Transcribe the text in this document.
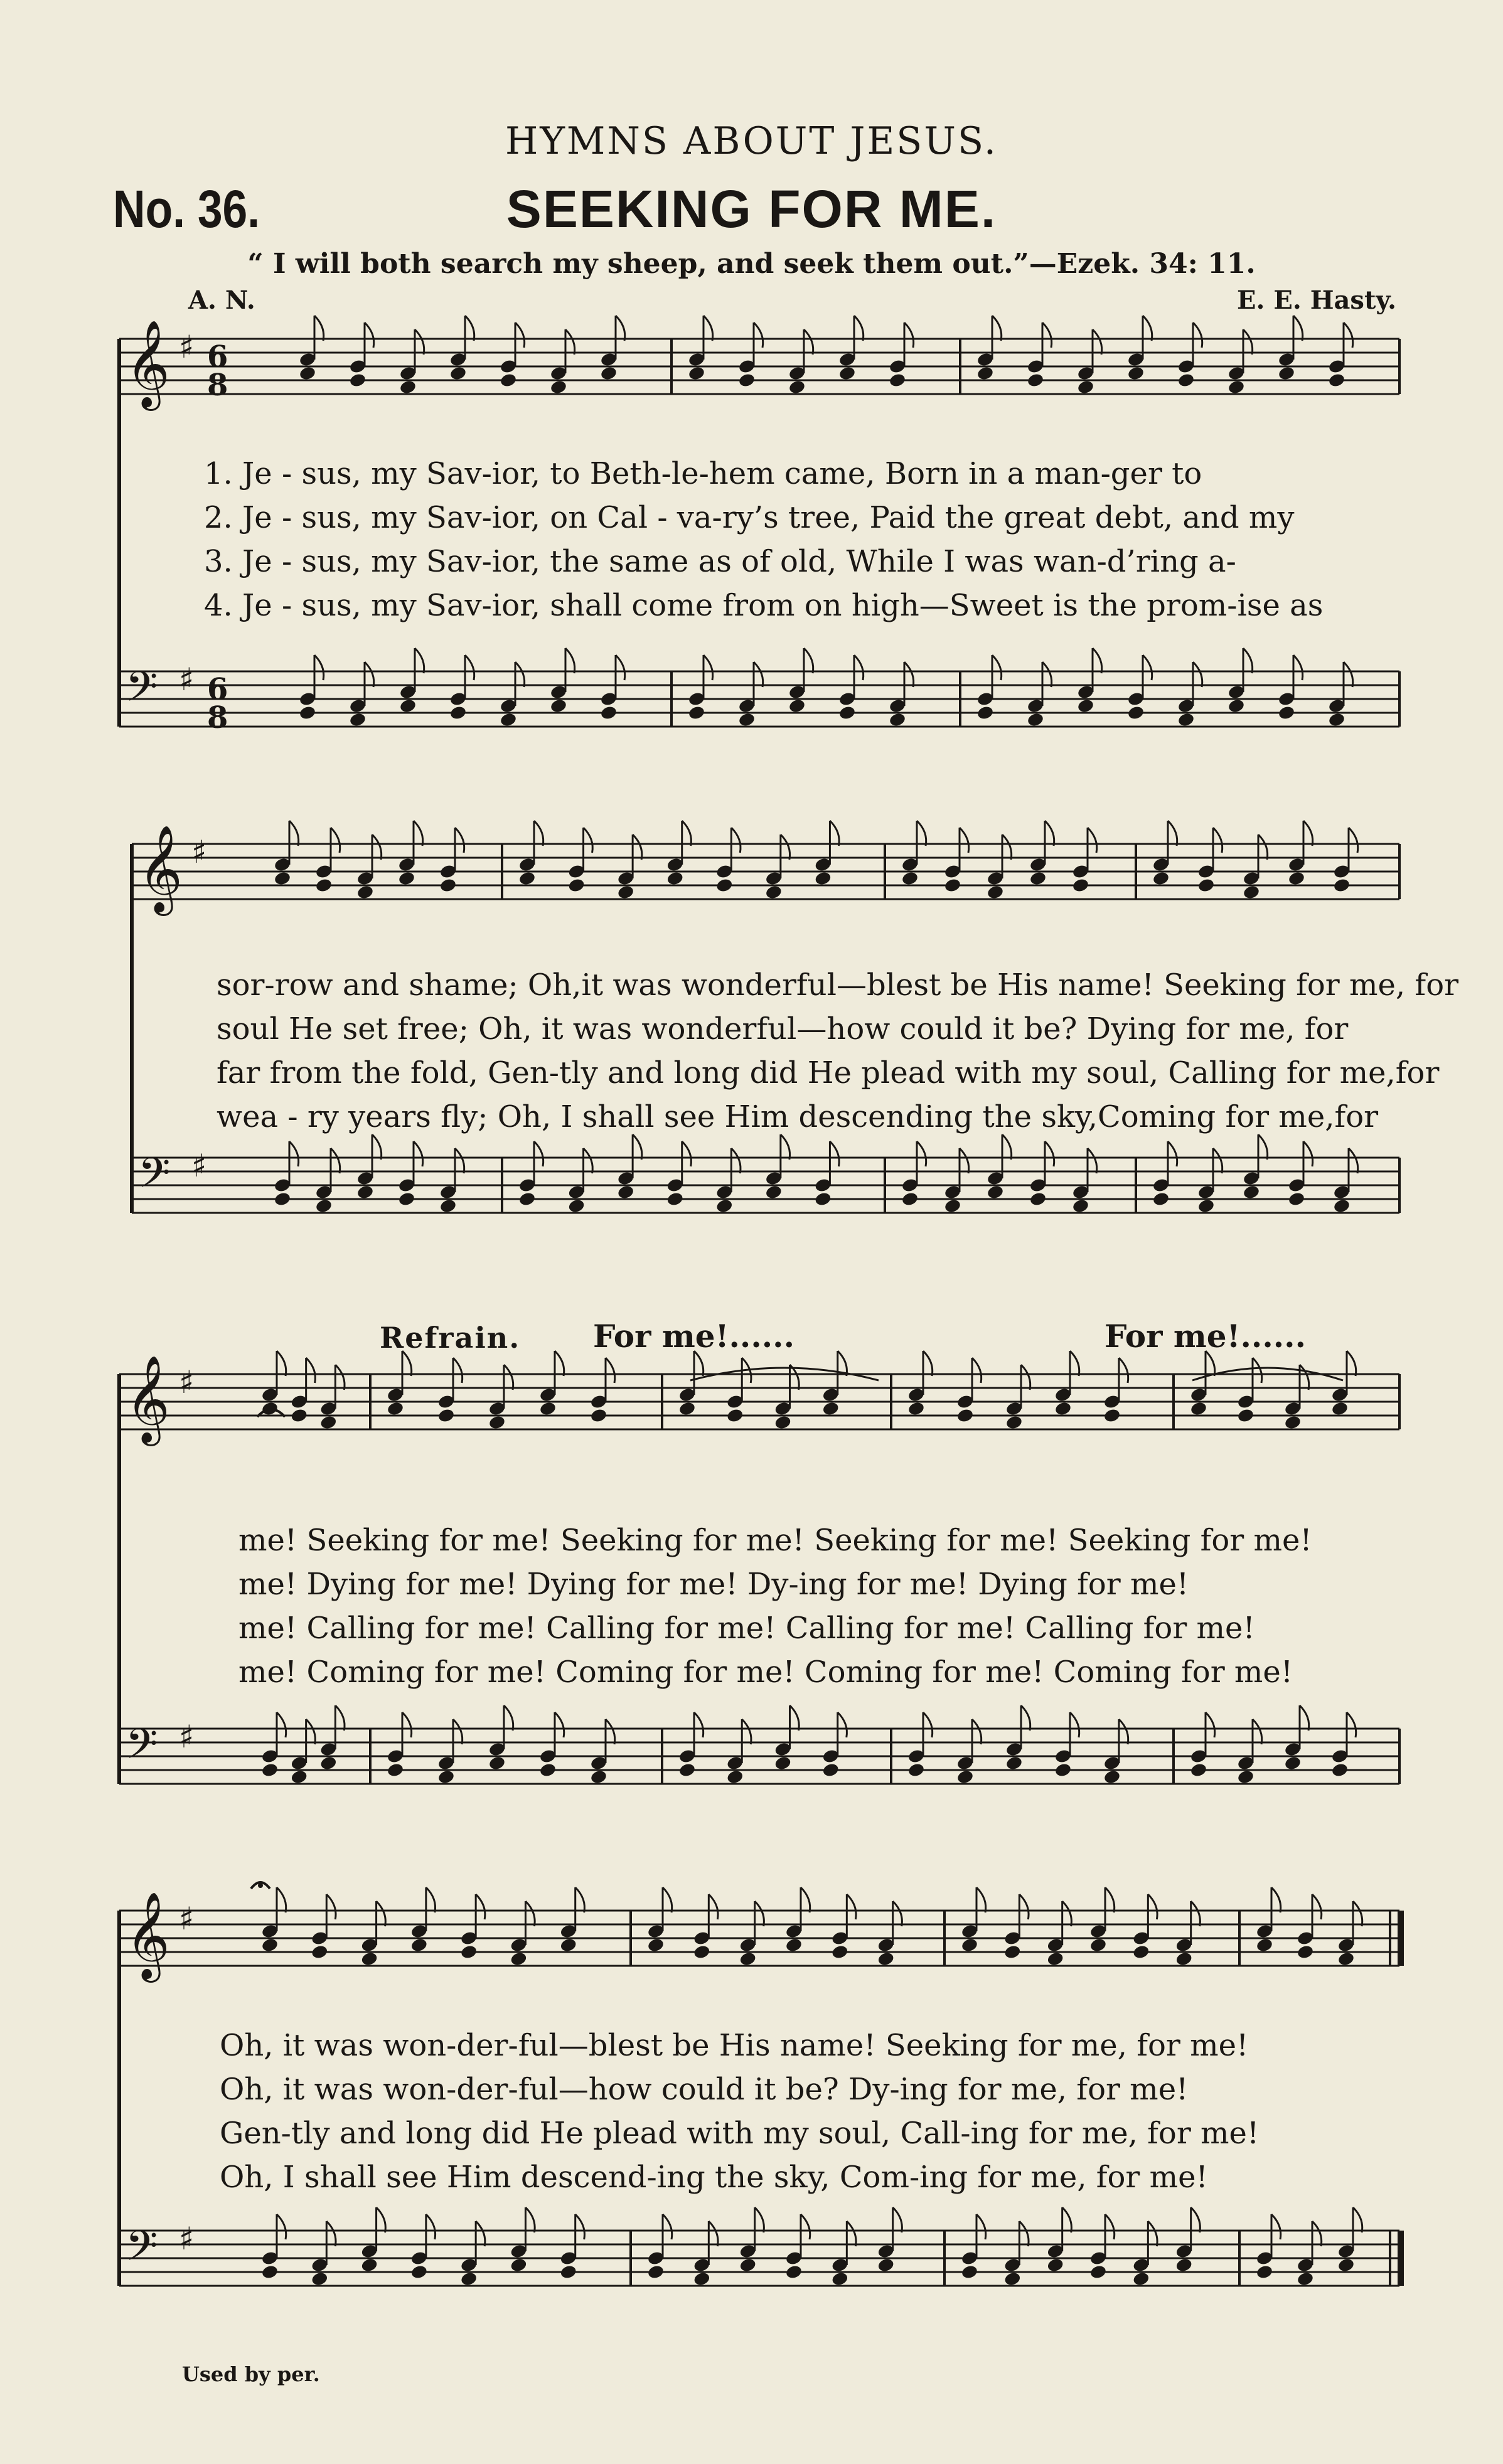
HYMNS ABOUT JESUS.
No. 36.	SEEKING FOR ME.
“ I will both search my sheep, and seek them out.”—Ezek. 34: 11.
A. N.	E. E. Hasty.
𝄞 ♯ 6
8
𝄢 ♯ 6
8
𝄞 ♯
𝄢 ♯
𝄞 ♯
𝄢 ♯
𝄞 ♯
𝄢 ♯
1. Je - sus, my Sav-ior, to Beth-le-hem came, Born in a man-ger to
2. Je - sus, my Sav-ior, on Cal - va-ry’s tree, Paid the great debt, and my
3. Je - sus, my Sav-ior, the same as of old, While I was wan-d’ring a-
4. Je - sus, my Sav-ior, shall come from on high—Sweet is the prom-ise as
sor-row and shame; Oh,it was wonderful—blest be His name! Seeking for me, for
soul He set free; Oh, it was wonderful—how could it be? Dying for me, for
far from the fold, Gen-tly and long did He plead with my soul, Calling for me,for
wea - ry years fly; Oh, I shall see Him descending the sky,Coming for me,for
Refrain. For me!......	For me!......
me! Seeking for me! Seeking for me! Seeking for me! Seeking for me!
me! Dying for me! Dying for me! Dy-ing for me! Dying for me!
me! Calling for me! Calling for me! Calling for me! Calling for me!
me! Coming for me! Coming for me! Coming for me! Coming for me!
Oh, it was won-der-ful—blest be His name! Seeking for me, for me!
Oh, it was won-der-ful—how could it be? Dy-ing for me, for me!
Gen-tly and long did He plead with my soul, Call-ing for me, for me!
Oh, I shall see Him descend-ing the sky, Com-ing for me, for me!
Used by per.
